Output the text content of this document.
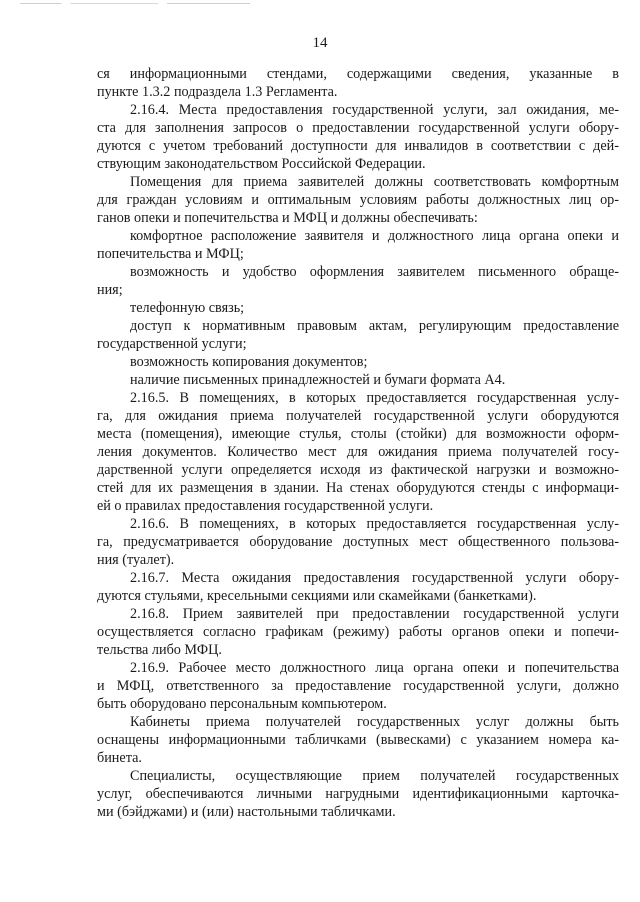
14
ся информационными стендами, содержащими сведения, указанные в
пункте 1.3.2 подраздела 1.3 Регламента.
2.16.4. Места предоставления государственной услуги, зал ожидания, ме-
ста для заполнения запросов о предоставлении государственной услуги обору-
дуются с учетом требований доступности для инвалидов в соответствии с дей-
ствующим законодательством Российской Федерации.
Помещения для приема заявителей должны соответствовать комфортным
для граждан условиям и оптимальным условиям работы должностных лиц ор-
ганов опеки и попечительства и МФЦ и должны обеспечивать:
комфортное расположение заявителя и должностного лица органа опеки и
попечительства и МФЦ;
возможность и удобство оформления заявителем письменного обраще-
ния;
телефонную связь;
доступ к нормативным правовым актам, регулирующим предоставление
государственной услуги;
возможность копирования документов;
наличие письменных принадлежностей и бумаги формата А4.
2.16.5. В помещениях, в которых предоставляется государственная услу-
га, для ожидания приема получателей государственной услуги оборудуются
места (помещения), имеющие стулья, столы (стойки) для возможности оформ-
ления документов. Количество мест для ожидания приема получателей госу-
дарственной услуги определяется исходя из фактической нагрузки и возможно-
стей для их размещения в здании. На стенах оборудуются стенды с информаци-
ей о правилах предоставления государственной услуги.
2.16.6. В помещениях, в которых предоставляется государственная услу-
га, предусматривается оборудование доступных мест общественного пользова-
ния (туалет).
2.16.7. Места ожидания предоставления государственной услуги обору-
дуются стульями, кресельными секциями или скамейками (банкетками).
2.16.8. Прием заявителей при предоставлении государственной услуги
осуществляется согласно графикам (режиму) работы органов опеки и попечи-
тельства либо МФЦ.
2.16.9. Рабочее место должностного лица органа опеки и попечительства
и МФЦ, ответственного за предоставление государственной услуги, должно
быть оборудовано персональным компьютером.
Кабинеты приема получателей государственных услуг должны быть
оснащены информационными табличками (вывесками) с указанием номера ка-
бинета.
Специалисты, осуществляющие прием получателей государственных
услуг, обеспечиваются личными нагрудными идентификационными карточка-
ми (бэйджами) и (или) настольными табличками.
